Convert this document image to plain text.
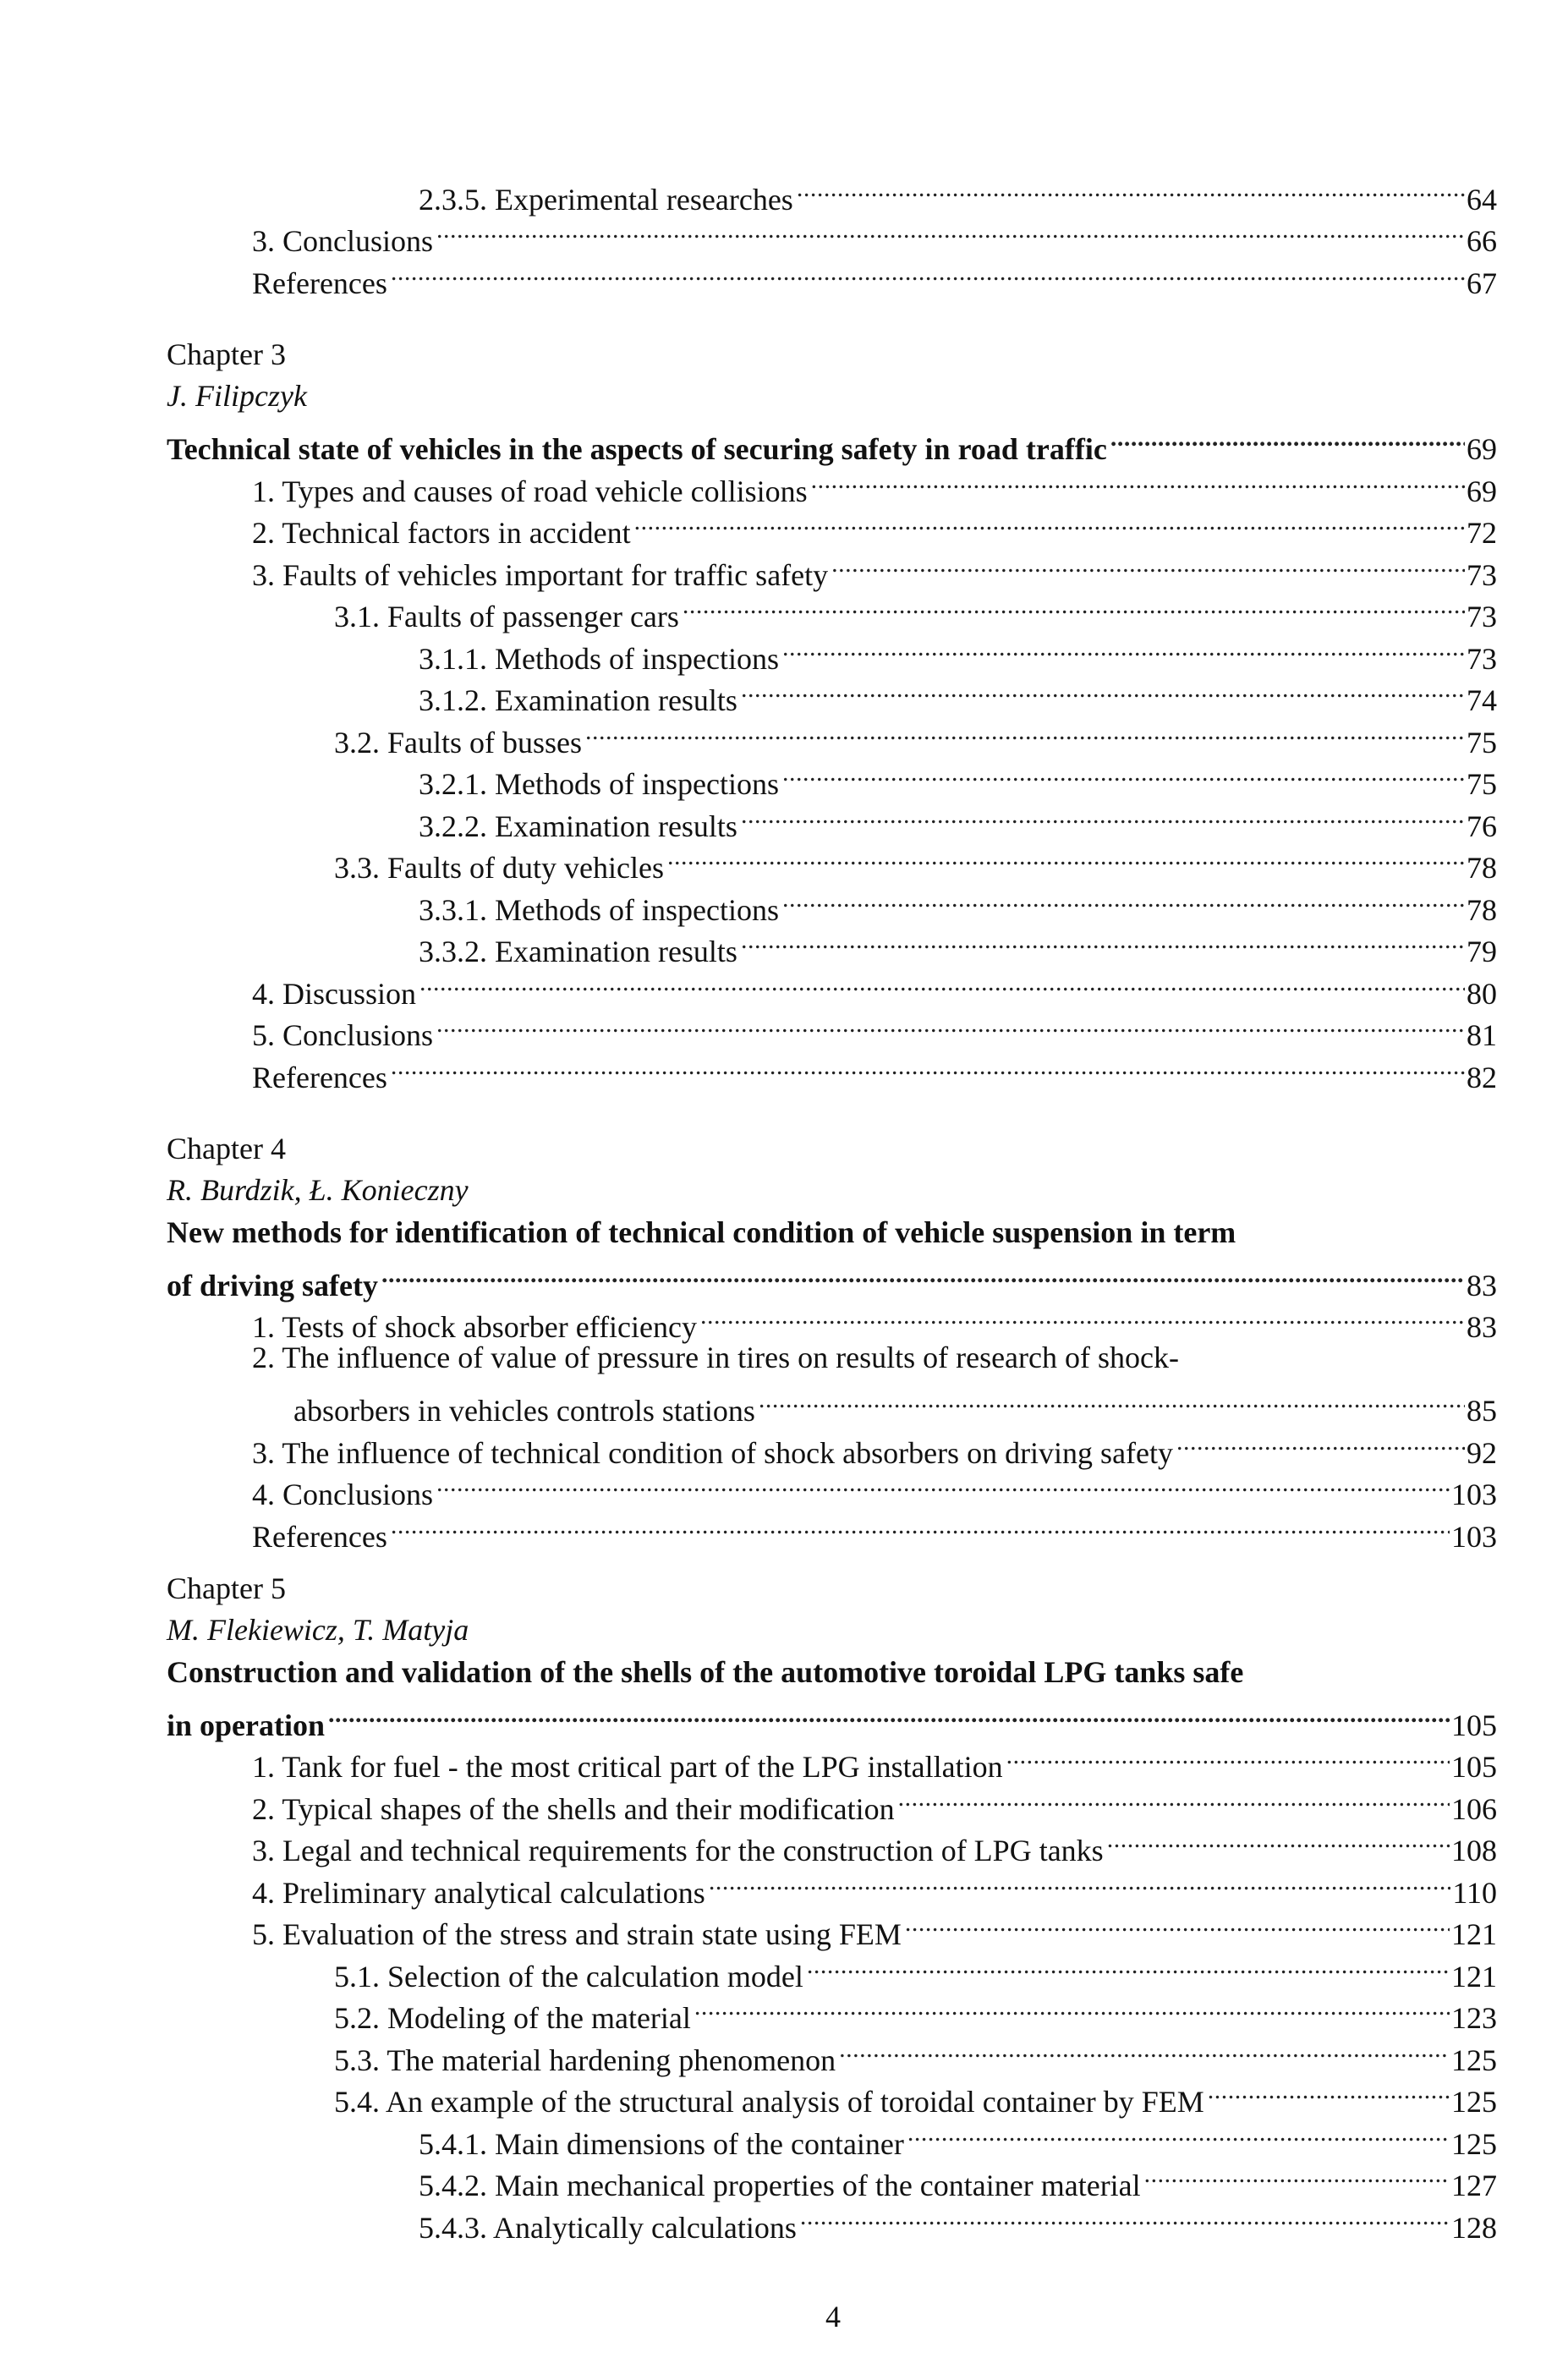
2.3.5. Experimental researches .....	64
3. Conclusions .....	66
References .....	67
Chapter 3
J. Filipczyk
Technical state of vehicles in the aspects of securing safety in road traffic .....	69
1. Types and causes of road vehicle collisions .....	69
2. Technical factors in accident .....	72
3. Faults of vehicles important for traffic safety .....	73
3.1. Faults of passenger cars .....	73
3.1.1. Methods of inspections .....	73
3.1.2. Examination results .....	74
3.2. Faults of busses .....	75
3.2.1. Methods of inspections .....	75
3.2.2. Examination results .....	76
3.3. Faults of duty vehicles .....	78
3.3.1. Methods of inspections .....	78
3.3.2. Examination results .....	79
4. Discussion .....	80
5. Conclusions .....	81
References .....	82
Chapter 4
R. Burdzik, Ł. Konieczny
New methods for identification of technical condition of vehicle suspension in term
of driving safety .....	83
1. Tests of shock absorber efficiency .....	83
2. The influence of value of pressure in tires on results of research of shock-
absorbers in vehicles controls stations .....	85
3. The influence of technical condition of shock absorbers on driving safety .....	92
4. Conclusions .....	103
References .....	103
Chapter 5
M. Flekiewicz, T. Matyja
Construction and validation of the shells of the automotive toroidal LPG tanks safe
in operation .....	105
1. Tank for fuel - the most critical part of the LPG installation .....	105
2. Typical shapes of the shells and their modification .....	106
3. Legal and technical requirements for the construction of LPG tanks .....	108
4. Preliminary analytical calculations .....	110
5. Evaluation of the stress and strain state using FEM .....	121
5.1. Selection of the calculation model .....	121
5.2. Modeling of the material .....	123
5.3. The material hardening phenomenon .....	125
5.4. An example of the structural analysis of toroidal container by FEM .....	125
5.4.1. Main dimensions of the container .....	125
5.4.2. Main mechanical properties of the container material .....	127
5.4.3. Analytically calculations .....	128
4
